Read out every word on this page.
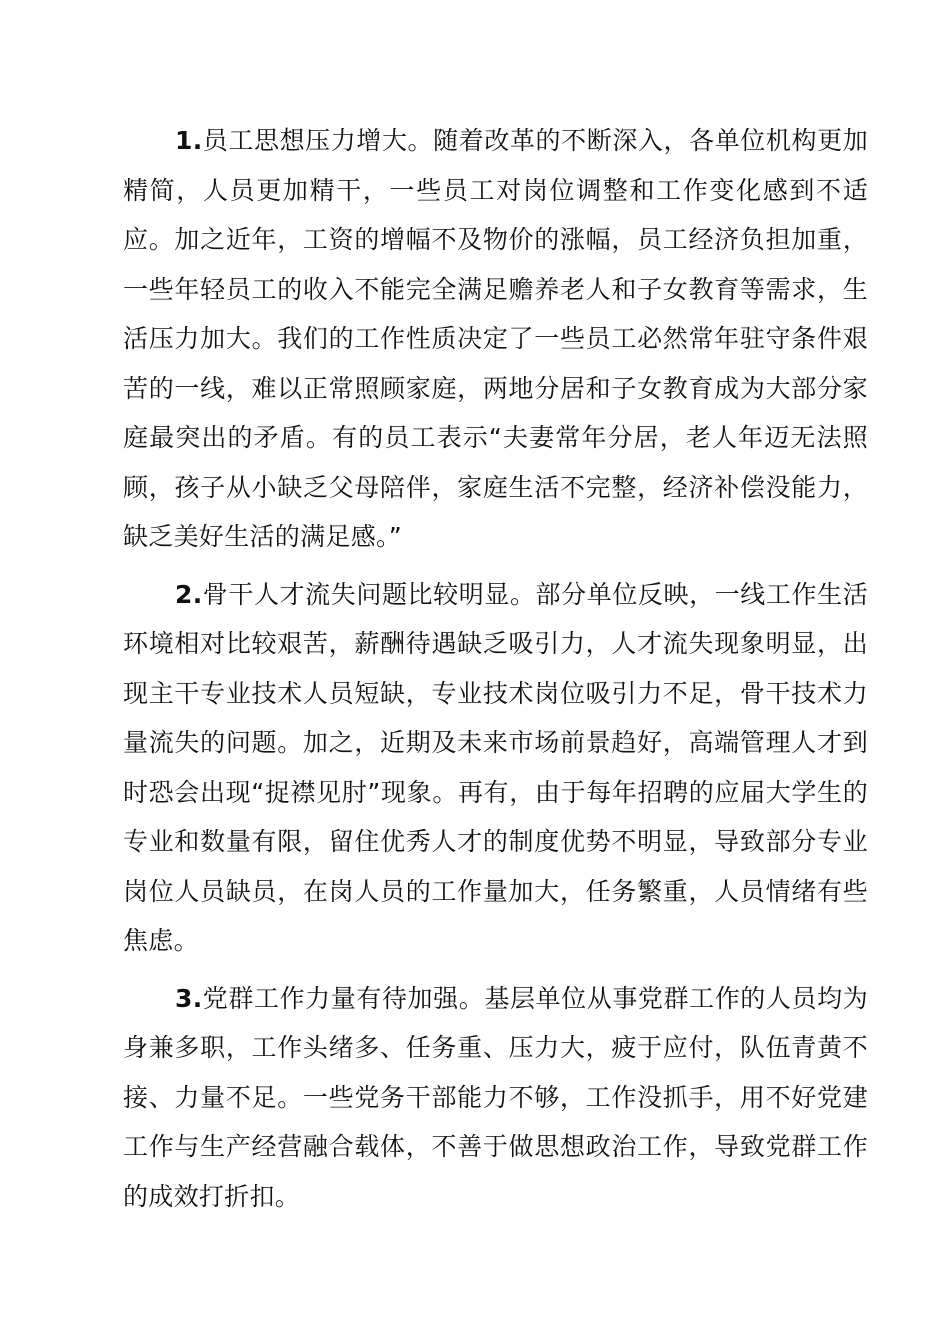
1.员工思想压力增大。随着改革的不断深入，各单位机构更加精简，人员更加精干，一些员工对岗位调整和工作变化感到不适应。加之近年，工资的增幅不及物价的涨幅，员工经济负担加重，一些年轻员工的收入不能完全满足赡养老人和子女教育等需求，生活压力加大。我们的工作性质决定了一些员工必然常年驻守条件艰苦的一线，难以正常照顾家庭，两地分居和子女教育成为大部分家庭最突出的矛盾。有的员工表示“夫妻常年分居，老人年迈无法照顾，孩子从小缺乏父母陪伴，家庭生活不完整，经济补偿没能力，缺乏美好生活的满足感。”

2.骨干人才流失问题比较明显。部分单位反映，一线工作生活环境相对比较艰苦，薪酬待遇缺乏吸引力，人才流失现象明显，出现主干专业技术人员短缺，专业技术岗位吸引力不足，骨干技术力量流失的问题。加之，近期及未来市场前景趋好，高端管理人才到时恐会出现“捉襟见肘”现象。再有，由于每年招聘的应届大学生的专业和数量有限，留住优秀人才的制度优势不明显，导致部分专业岗位人员缺员，在岗人员的工作量加大，任务繁重，人员情绪有些焦虑。

3.党群工作力量有待加强。基层单位从事党群工作的人员均为身兼多职，工作头绪多、任务重、压力大，疲于应付，队伍青黄不接、力量不足。一些党务干部能力不够，工作没抓手，用不好党建工作与生产经营融合载体，不善于做思想政治工作，导致党群工作的成效打折扣。
